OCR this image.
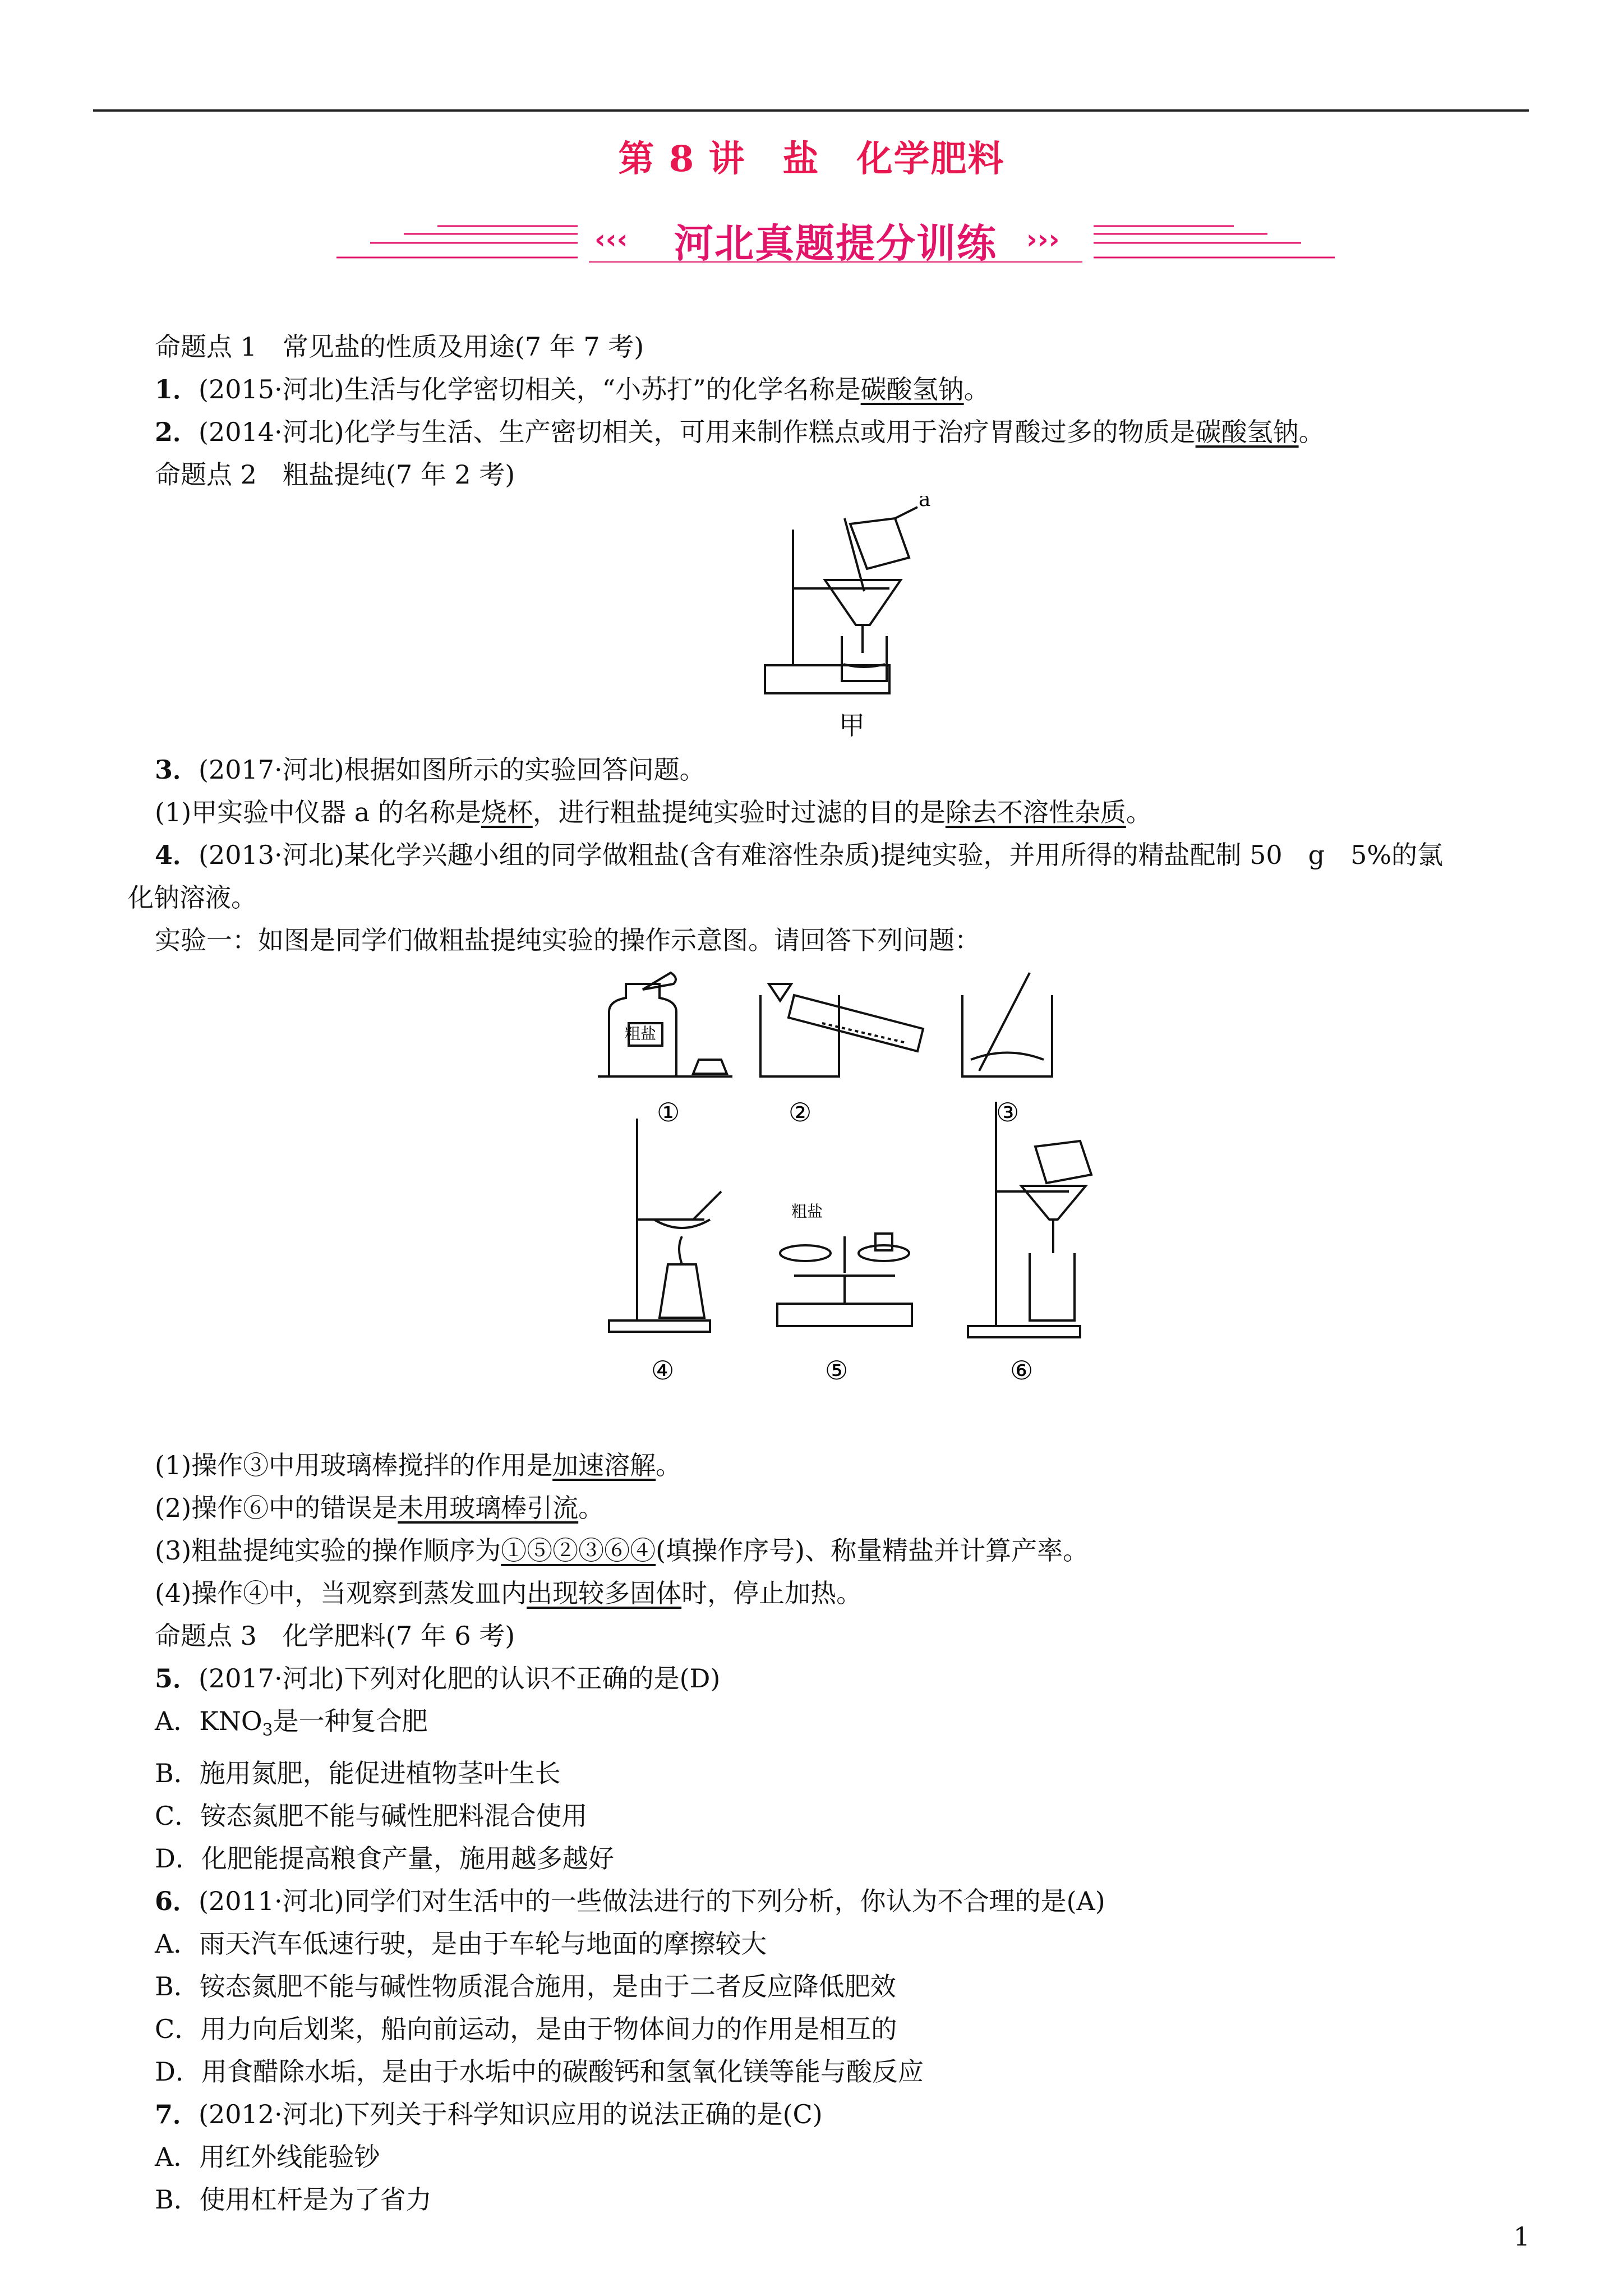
第 8 讲　盐　化学肥料
‹‹‹	›››
河北真题提分训练
命题点 1　常见盐的性质及用途(7 年 7 考)
1．(2015·河北)生活与化学密切相关，“小苏打”的化学名称是碳酸氢钠。
2．(2014·河北)化学与生活、生产密切相关，可用来制作糕点或用于治疗胃酸过多的物质是碳酸氢钠。
命题点 2　粗盐提纯(7 年 2 考)
a
甲
3．(2017·河北)根据如图所示的实验回答问题。
(1)甲实验中仪器 a 的名称是烧杯，进行粗盐提纯实验时过滤的目的是除去不溶性杂质。
4．(2013·河北)某化学兴趣小组的同学做粗盐(含有难溶性杂质)提纯实验，并用所得的精盐配制 50　g　5%的氯
化钠溶液。
实验一：如图是同学们做粗盐提纯实验的操作示意图。请回答下列问题：
粗盐
粗盐
①	②	③
④	⑤	⑥
(1)操作③中用玻璃棒搅拌的作用是加速溶解。
(2)操作⑥中的错误是未用玻璃棒引流。
(3)粗盐提纯实验的操作顺序为①⑤②③⑥④(填操作序号)、称量精盐并计算产率。
(4)操作④中，当观察到蒸发皿内出现较多固体时，停止加热。
命题点 3　化学肥料(7 年 6 考)
5．(2017·河北)下列对化肥的认识不正确的是(D)
A．$KNO_3$是一种复合肥
B．施用氮肥，能促进植物茎叶生长
C．铵态氮肥不能与碱性肥料混合使用
D．化肥能提高粮食产量，施用越多越好
6．(2011·河北)同学们对生活中的一些做法进行的下列分析，你认为不合理的是(A)
A．雨天汽车低速行驶，是由于车轮与地面的摩擦较大
B．铵态氮肥不能与碱性物质混合施用，是由于二者反应降低肥效
C．用力向后划桨，船向前运动，是由于物体间力的作用是相互的
D．用食醋除水垢，是由于水垢中的碳酸钙和氢氧化镁等能与酸反应
7．(2012·河北)下列关于科学知识应用的说法正确的是(C)
A．用红外线能验钞
B．使用杠杆是为了省力
1
